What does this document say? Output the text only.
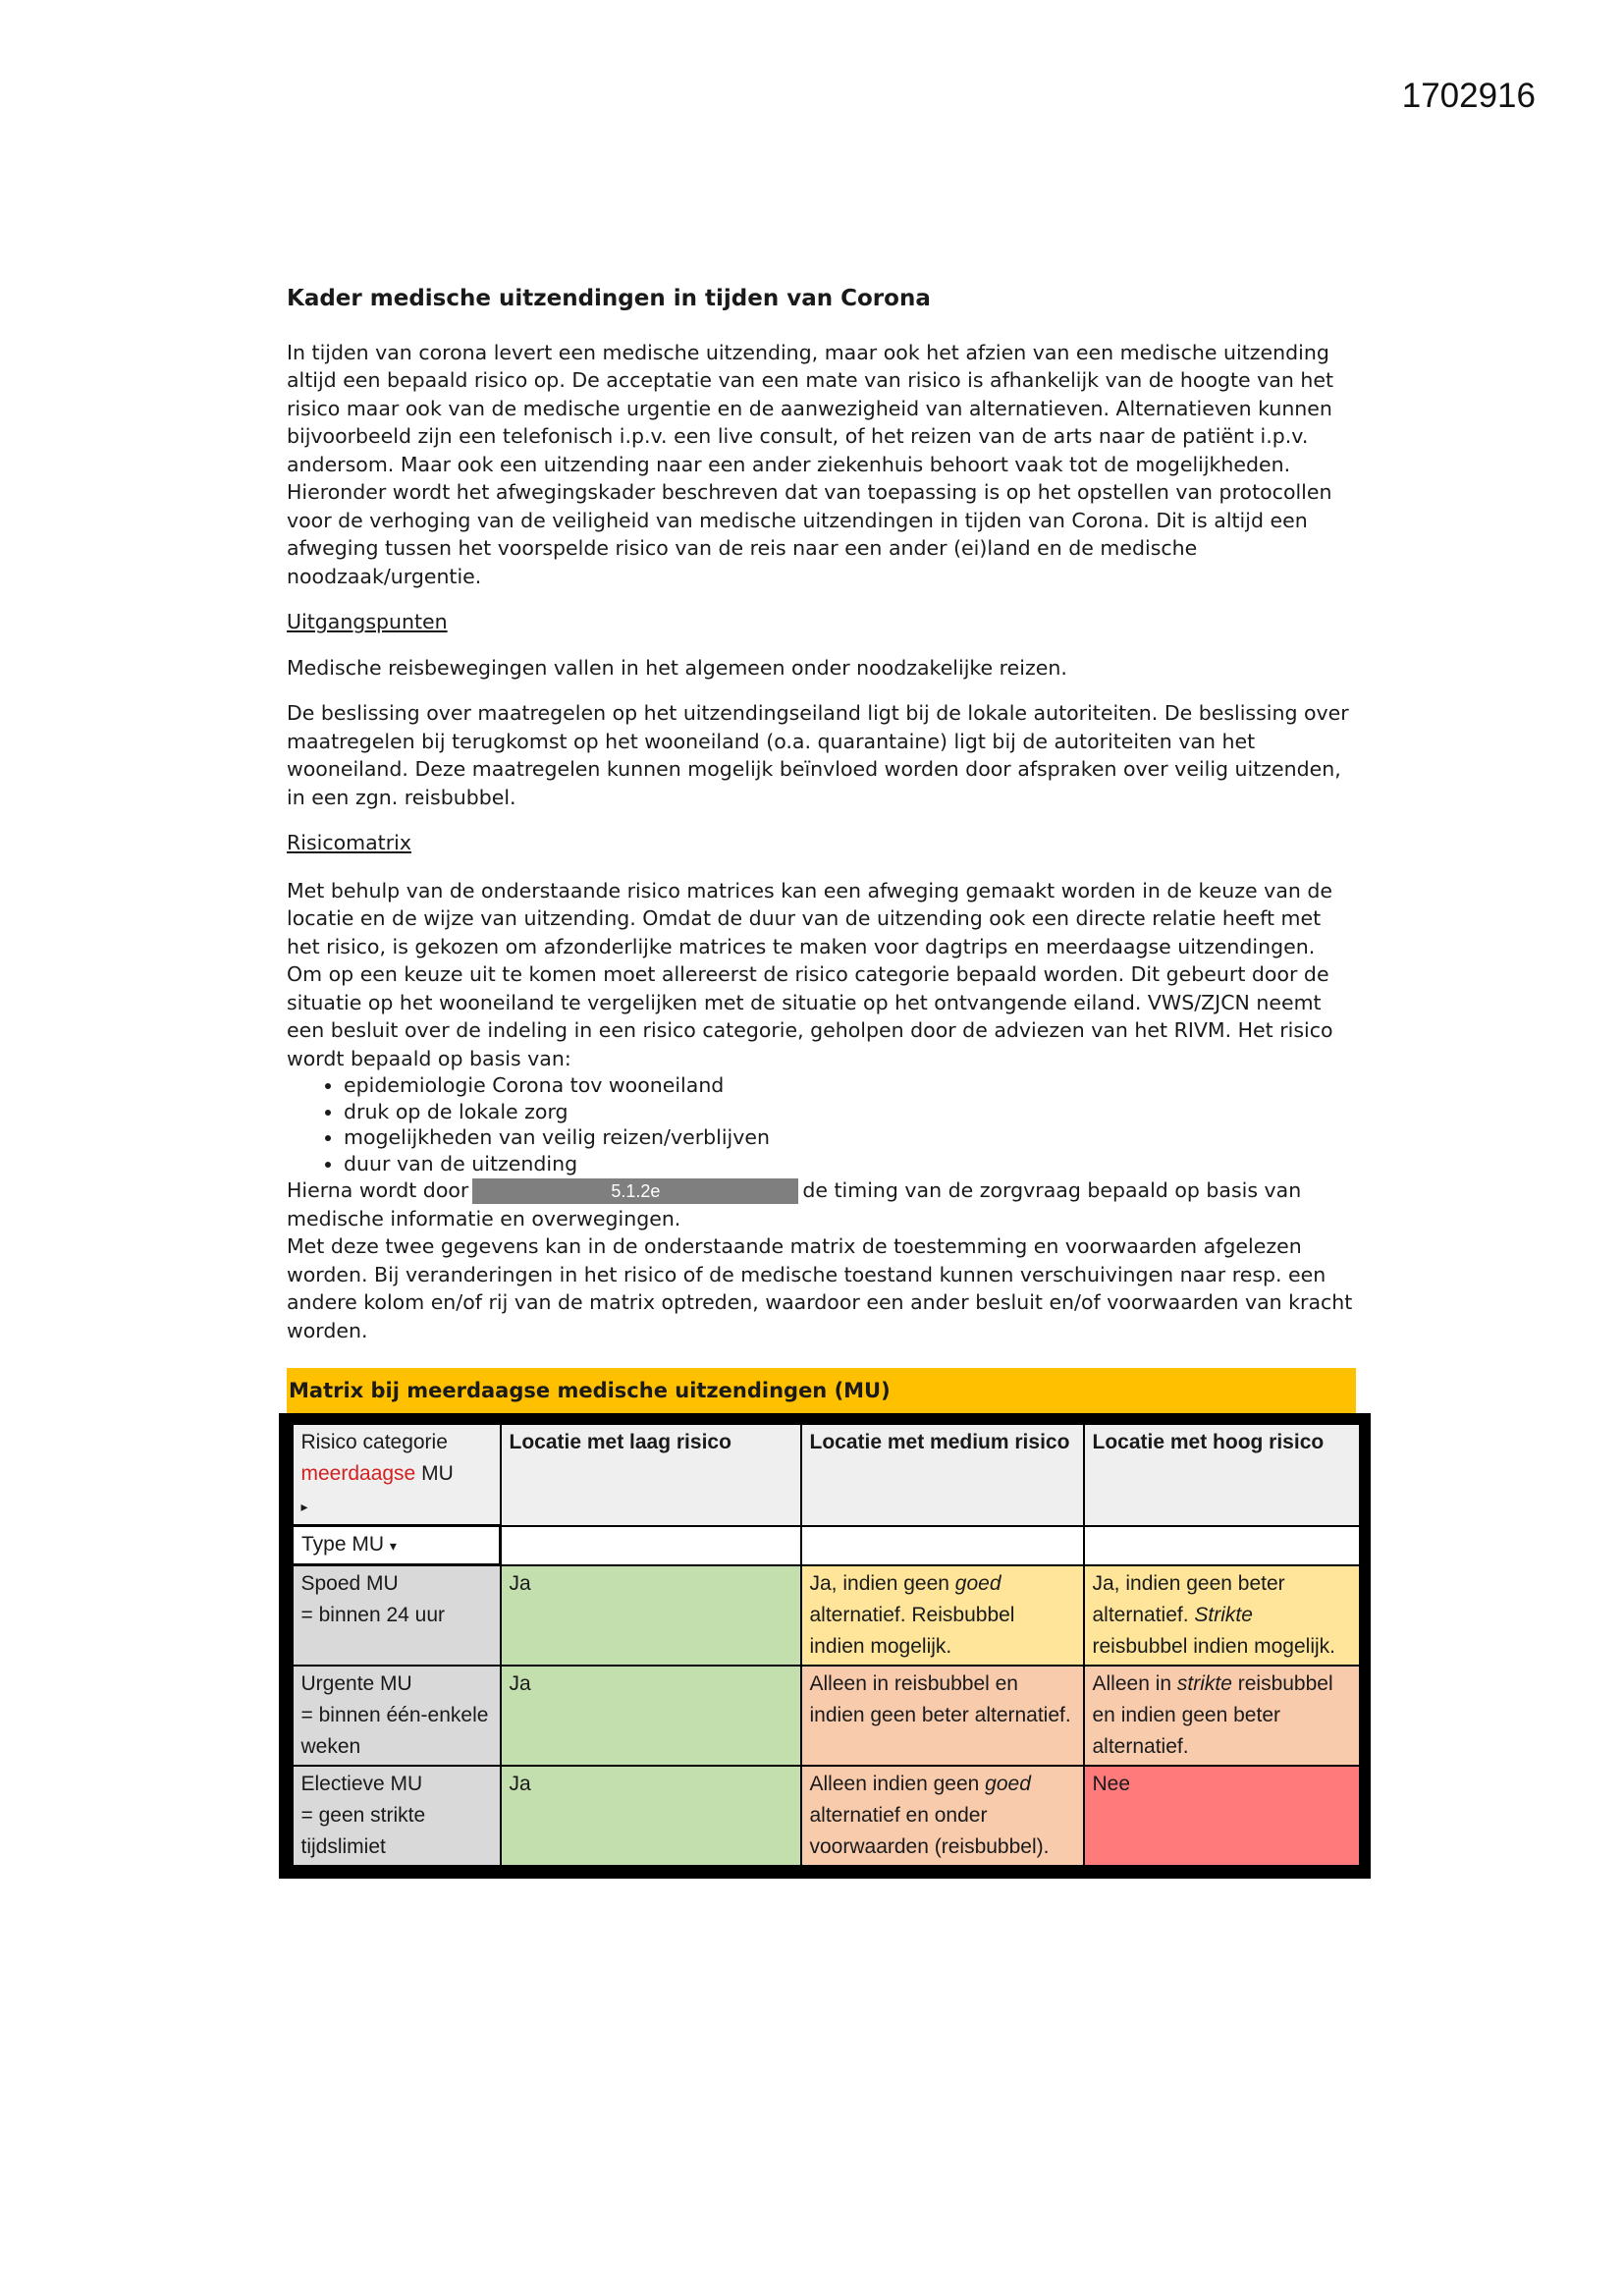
1702916
Kader medische uitzendingen in tijden van Corona

In tijden van corona levert een medische uitzending, maar ook het afzien van een medische uitzending altijd een bepaald risico op. De acceptatie van een mate van risico is afhankelijk van de hoogte van het risico maar ook van de medische urgentie en de aanwezigheid van alternatieven. Alternatieven kunnen bijvoorbeeld zijn een telefonisch i.p.v. een live consult, of het reizen van de arts naar de patiënt i.p.v. andersom. Maar ook een uitzending naar een ander ziekenhuis behoort vaak tot de mogelijkheden. Hieronder wordt het afwegingskader beschreven dat van toepassing is op het opstellen van protocollen voor de verhoging van de veiligheid van medische uitzendingen in tijden van Corona. Dit is altijd een afweging tussen het voorspelde risico van de reis naar een ander (ei)land en de medische noodzaak/urgentie.

Uitgangspunten

Medische reisbewegingen vallen in het algemeen onder noodzakelijke reizen.

De beslissing over maatregelen op het uitzendingseiland ligt bij de lokale autoriteiten. De beslissing over maatregelen bij terugkomst op het wooneiland (o.a. quarantaine) ligt bij de autoriteiten van het wooneiland. Deze maatregelen kunnen mogelijk beïnvloed worden door afspraken over veilig uitzenden, in een zgn. reisbubbel.

Risicomatrix

Met behulp van de onderstaande risico matrices kan een afweging gemaakt worden in de keuze van de locatie en de wijze van uitzending. Omdat de duur van de uitzending ook een directe relatie heeft met het risico, is gekozen om afzonderlijke matrices te maken voor dagtrips en meerdaagse uitzendingen.

Om op een keuze uit te komen moet allereerst de risico categorie bepaald worden. Dit gebeurt door de situatie op het wooneiland te vergelijken met de situatie op het ontvangende eiland. VWS/ZJCN neemt een besluit over de indeling in een risico categorie, geholpen door de adviezen van het RIVM. Het risico wordt bepaald op basis van:

• epidemiologie Corona tov wooneiland
• druk op de lokale zorg
• mogelijkheden van veilig reizen/verblijven
• duur van de uitzending

Hierna wordt door	5.1.2e	de timing van de zorgvraag bepaald op basis van medische informatie en overwegingen.

Met deze twee gegevens kan in de onderstaande matrix de toestemming en voorwaarden afgelezen worden. Bij veranderingen in het risico of de medische toestand kunnen verschuivingen naar resp. een andere kolom en/of rij van de matrix optreden, waardoor een ander besluit en/of voorwaarden van kracht worden.

Matrix bij meerdaagse medische uitzendingen (MU)
Risico categorie
meerdaagse MU
▸	Locatie met laag risico	Locatie met medium risico	Locatie met hoog risico
Type MU ▾			
Spoed MU
= binnen 24 uur	Ja	Ja, indien geen goed alternatief. Reisbubbel indien mogelijk.	Ja, indien geen beter alternatief. Strikte reisbubbel indien mogelijk.
Urgente MU
= binnen één-enkele weken	Ja	Alleen in reisbubbel en indien geen beter alternatief.	Alleen in strikte reisbubbel en indien geen beter alternatief.
Electieve MU
= geen strikte tijdslimiet	Ja	Alleen indien geen goed alternatief en onder voorwaarden (reisbubbel).	Nee
